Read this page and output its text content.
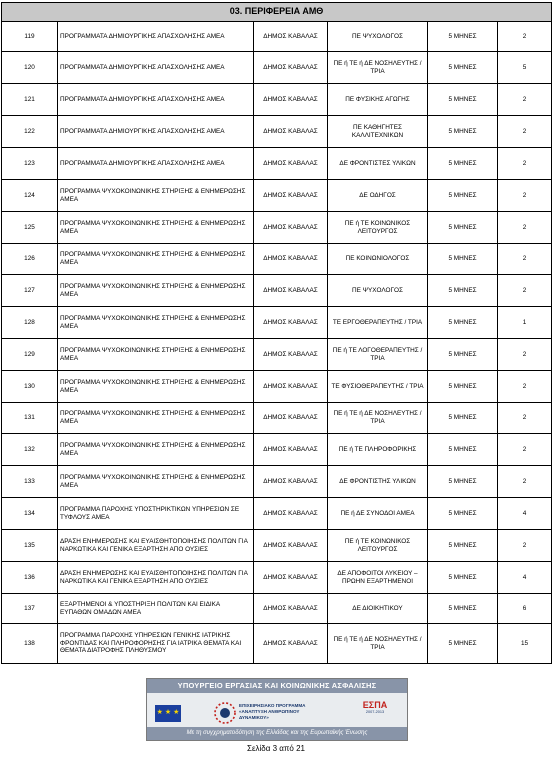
03. ΠΕΡΙΦΕΡΕΙΑ ΑΜΘ					
119	ΠΡΟΓΡΑΜΜΑΤΑ ΔΗΜΙΟΥΡΓΙΚΗΣ ΑΠΑΣΧΟΛΗΣΗΣ ΑΜΕΑ	ΔΗΜΟΣ ΚΑΒΑΛΑΣ	ΠΕ ΨΥΧΟΛΟΓΟΣ	5 ΜΗΝΕΣ	2
120	ΠΡΟΓΡΑΜΜΑΤΑ ΔΗΜΙΟΥΡΓΙΚΗΣ ΑΠΑΣΧΟΛΗΣΗΣ ΑΜΕΑ	ΔΗΜΟΣ ΚΑΒΑΛΑΣ	ΠΕ ή ΤΕ ή ΔΕ ΝΟΣΗΛΕΥΤΗΣ / ΤΡΙΑ	5 ΜΗΝΕΣ	5
121	ΠΡΟΓΡΑΜΜΑΤΑ ΔΗΜΙΟΥΡΓΙΚΗΣ ΑΠΑΣΧΟΛΗΣΗΣ ΑΜΕΑ	ΔΗΜΟΣ ΚΑΒΑΛΑΣ	ΠΕ ΦΥΣΙΚΗΣ ΑΓΩΓΗΣ	5 ΜΗΝΕΣ	2
122	ΠΡΟΓΡΑΜΜΑΤΑ ΔΗΜΙΟΥΡΓΙΚΗΣ ΑΠΑΣΧΟΛΗΣΗΣ ΑΜΕΑ	ΔΗΜΟΣ ΚΑΒΑΛΑΣ	ΠΕ ΚΑΘΗΓΗΤΕΣ ΚΑΛΛΙΤΕΧΝΙΚΩΝ	5 ΜΗΝΕΣ	2
123	ΠΡΟΓΡΑΜΜΑΤΑ ΔΗΜΙΟΥΡΓΙΚΗΣ ΑΠΑΣΧΟΛΗΣΗΣ ΑΜΕΑ	ΔΗΜΟΣ ΚΑΒΑΛΑΣ	ΔΕ ΦΡΟΝΤΙΣΤΕΣ ΥΛΙΚΩΝ	5 ΜΗΝΕΣ	2
124	ΠΡΟΓΡΑΜΜΑ ΨΥΧΟΚΟΙΝΩΝΙΚΗΣ ΣΤΗΡΙΞΗΣ & ΕΝΗΜΕΡΩΣΗΣ ΑΜΕΑ	ΔΗΜΟΣ ΚΑΒΑΛΑΣ	ΔΕ ΟΔΗΓΟΣ	5 ΜΗΝΕΣ	2
125	ΠΡΟΓΡΑΜΜΑ ΨΥΧΟΚΟΙΝΩΝΙΚΗΣ ΣΤΗΡΙΞΗΣ & ΕΝΗΜΕΡΩΣΗΣ ΑΜΕΑ	ΔΗΜΟΣ ΚΑΒΑΛΑΣ	ΠΕ ή ΤΕ ΚΟΙΝΩΝΙΚΟΣ ΛΕΙΤΟΥΡΓΟΣ	5 ΜΗΝΕΣ	2
126	ΠΡΟΓΡΑΜΜΑ ΨΥΧΟΚΟΙΝΩΝΙΚΗΣ ΣΤΗΡΙΞΗΣ & ΕΝΗΜΕΡΩΣΗΣ ΑΜΕΑ	ΔΗΜΟΣ ΚΑΒΑΛΑΣ	ΠΕ ΚΟΙΝΩΝΙΟΛΟΓΟΣ	5 ΜΗΝΕΣ	2
127	ΠΡΟΓΡΑΜΜΑ ΨΥΧΟΚΟΙΝΩΝΙΚΗΣ ΣΤΗΡΙΞΗΣ & ΕΝΗΜΕΡΩΣΗΣ ΑΜΕΑ	ΔΗΜΟΣ ΚΑΒΑΛΑΣ	ΠΕ ΨΥΧΟΛΟΓΟΣ	5 ΜΗΝΕΣ	2
128	ΠΡΟΓΡΑΜΜΑ ΨΥΧΟΚΟΙΝΩΝΙΚΗΣ ΣΤΗΡΙΞΗΣ & ΕΝΗΜΕΡΩΣΗΣ ΑΜΕΑ	ΔΗΜΟΣ ΚΑΒΑΛΑΣ	ΤΕ ΕΡΓΟΘΕΡΑΠΕΥΤΗΣ / ΤΡΙΑ	5 ΜΗΝΕΣ	1
129	ΠΡΟΓΡΑΜΜΑ ΨΥΧΟΚΟΙΝΩΝΙΚΗΣ ΣΤΗΡΙΞΗΣ & ΕΝΗΜΕΡΩΣΗΣ ΑΜΕΑ	ΔΗΜΟΣ ΚΑΒΑΛΑΣ	ΠΕ ή ΤΕ ΛΟΓΟΘΕΡΑΠΕΥΤΗΣ / ΤΡΙΑ	5 ΜΗΝΕΣ	2
130	ΠΡΟΓΡΑΜΜΑ ΨΥΧΟΚΟΙΝΩΝΙΚΗΣ ΣΤΗΡΙΞΗΣ & ΕΝΗΜΕΡΩΣΗΣ ΑΜΕΑ	ΔΗΜΟΣ ΚΑΒΑΛΑΣ	ΤΕ ΦΥΣΙΟΘΕΡΑΠΕΥΤΗΣ / ΤΡΙΑ	5 ΜΗΝΕΣ	2
131	ΠΡΟΓΡΑΜΜΑ ΨΥΧΟΚΟΙΝΩΝΙΚΗΣ ΣΤΗΡΙΞΗΣ & ΕΝΗΜΕΡΩΣΗΣ ΑΜΕΑ	ΔΗΜΟΣ ΚΑΒΑΛΑΣ	ΠΕ ή ΤΕ ή ΔΕ ΝΟΣΗΛΕΥΤΗΣ / ΤΡΙΑ	5 ΜΗΝΕΣ	2
132	ΠΡΟΓΡΑΜΜΑ ΨΥΧΟΚΟΙΝΩΝΙΚΗΣ ΣΤΗΡΙΞΗΣ & ΕΝΗΜΕΡΩΣΗΣ ΑΜΕΑ	ΔΗΜΟΣ ΚΑΒΑΛΑΣ	ΠΕ ή ΤΕ ΠΛΗΡΟΦΟΡΙΚΗΣ	5 ΜΗΝΕΣ	2
133	ΠΡΟΓΡΑΜΜΑ ΨΥΧΟΚΟΙΝΩΝΙΚΗΣ ΣΤΗΡΙΞΗΣ & ΕΝΗΜΕΡΩΣΗΣ ΑΜΕΑ	ΔΗΜΟΣ ΚΑΒΑΛΑΣ	ΔΕ ΦΡΟΝΤΙΣΤΗΣ ΥΛΙΚΩΝ	5 ΜΗΝΕΣ	2
134	ΠΡΟΓΡΑΜΜΑ ΠΑΡΟΧΗΣ ΥΠΟΣΤΗΡΙΚΤΙΚΩΝ ΥΠΗΡΕΣΙΩΝ ΣΕ ΤΥΦΛΟΥΣ ΑΜΕΑ	ΔΗΜΟΣ ΚΑΒΑΛΑΣ	ΠΕ ή ΔΕ ΣΥΝΟΔΟΙ ΑΜΕΑ	5 ΜΗΝΕΣ	4
135	ΔΡΑΣΗ ΕΝΗΜΕΡΩΣΗΣ ΚΑΙ ΕΥΑΙΣΘΗΤΟΠΟΙΗΣΗΣ ΠΟΛΙΤΩΝ ΓΙΑ ΝΑΡΚΩΤΙΚΑ ΚΑΙ ΓΕΝΙΚΑ ΕΞΑΡΤΗΣΗ ΑΠΟ ΟΥΣΙΕΣ	ΔΗΜΟΣ ΚΑΒΑΛΑΣ	ΠΕ ή ΤΕ ΚΟΙΝΩΝΙΚΟΣ ΛΕΙΤΟΥΡΓΟΣ	5 ΜΗΝΕΣ	2
136	ΔΡΑΣΗ ΕΝΗΜΕΡΩΣΗΣ ΚΑΙ ΕΥΑΙΣΘΗΤΟΠΟΙΗΣΗΣ ΠΟΛΙΤΩΝ ΓΙΑ ΝΑΡΚΩΤΙΚΑ ΚΑΙ ΓΕΝΙΚΑ ΕΞΑΡΤΗΣΗ ΑΠΟ ΟΥΣΙΕΣ	ΔΗΜΟΣ ΚΑΒΑΛΑΣ	ΔΕ ΑΠΟΦΟΙΤΟΙ ΛΥΚΕΙΟΥ – ΠΡΩΗΝ ΕΞΑΡΤΗΜΕΝΟΙ	5 ΜΗΝΕΣ	4
137	ΕΞΑΡΤΗΜΕΝΟΙ & ΥΠΟΣΤΗΡΙΞΗ ΠΟΛΙΤΩΝ ΚΑΙ ΕΙΔΙΚΑ ΕΥΠΑΘΩΝ ΟΜΑΔΩΝ ΑΜΕΑ	ΔΗΜΟΣ ΚΑΒΑΛΑΣ	ΔΕ ΔΙΟΙΚΗΤΙΚΟΥ	5 ΜΗΝΕΣ	6
138	ΠΡΟΓΡΑΜΜΑ ΠΑΡΟΧΗΣ ΥΠΗΡΕΣΙΩΝ ΓΕΝΙΚΗΣ ΙΑΤΡΙΚΗΣ ΦΡΟΝΤΙΔΑΣ ΚΑΙ ΠΛΗΡΟΦΟΡΗΣΗΣ ΓΙΑ ΙΑΤΡΙΚΑ ΘΕΜΑΤΑ ΚΑΙ ΘΕΜΑΤΑ ΔΙΑΤΡΟΦΗΣ ΠΛΗΘΥΣΜΟΥ	ΔΗΜΟΣ ΚΑΒΑΛΑΣ	ΠΕ ή ΤΕ ή ΔΕ ΝΟΣΗΛΕΥΤΗΣ / ΤΡΙΑ	5 ΜΗΝΕΣ	15
ΥΠΟΥΡΓΕΙΟ ΕΡΓΑΣΙΑΣ ΚΑΙ ΚΟΙΝΩΝΙΚΗΣ ΑΣΦΑΛΙΣΗΣ
★ ★ ★
ΕΠΙΧΕΙΡΗΣΙΑΚΟ ΠΡΟΓΡΑΜΜΑ «ΑΝΑΠΤΥΞΗ ΑΝΘΡΩΠΙΝΟΥ ΔΥΝΑΜΙΚΟΥ»
ΕΣΠΑ
2007-2013
Με τη συγχρηματοδότηση της Ελλάδας και της Ευρωπαϊκής Ένωσης
Σελίδα 3 από 21
